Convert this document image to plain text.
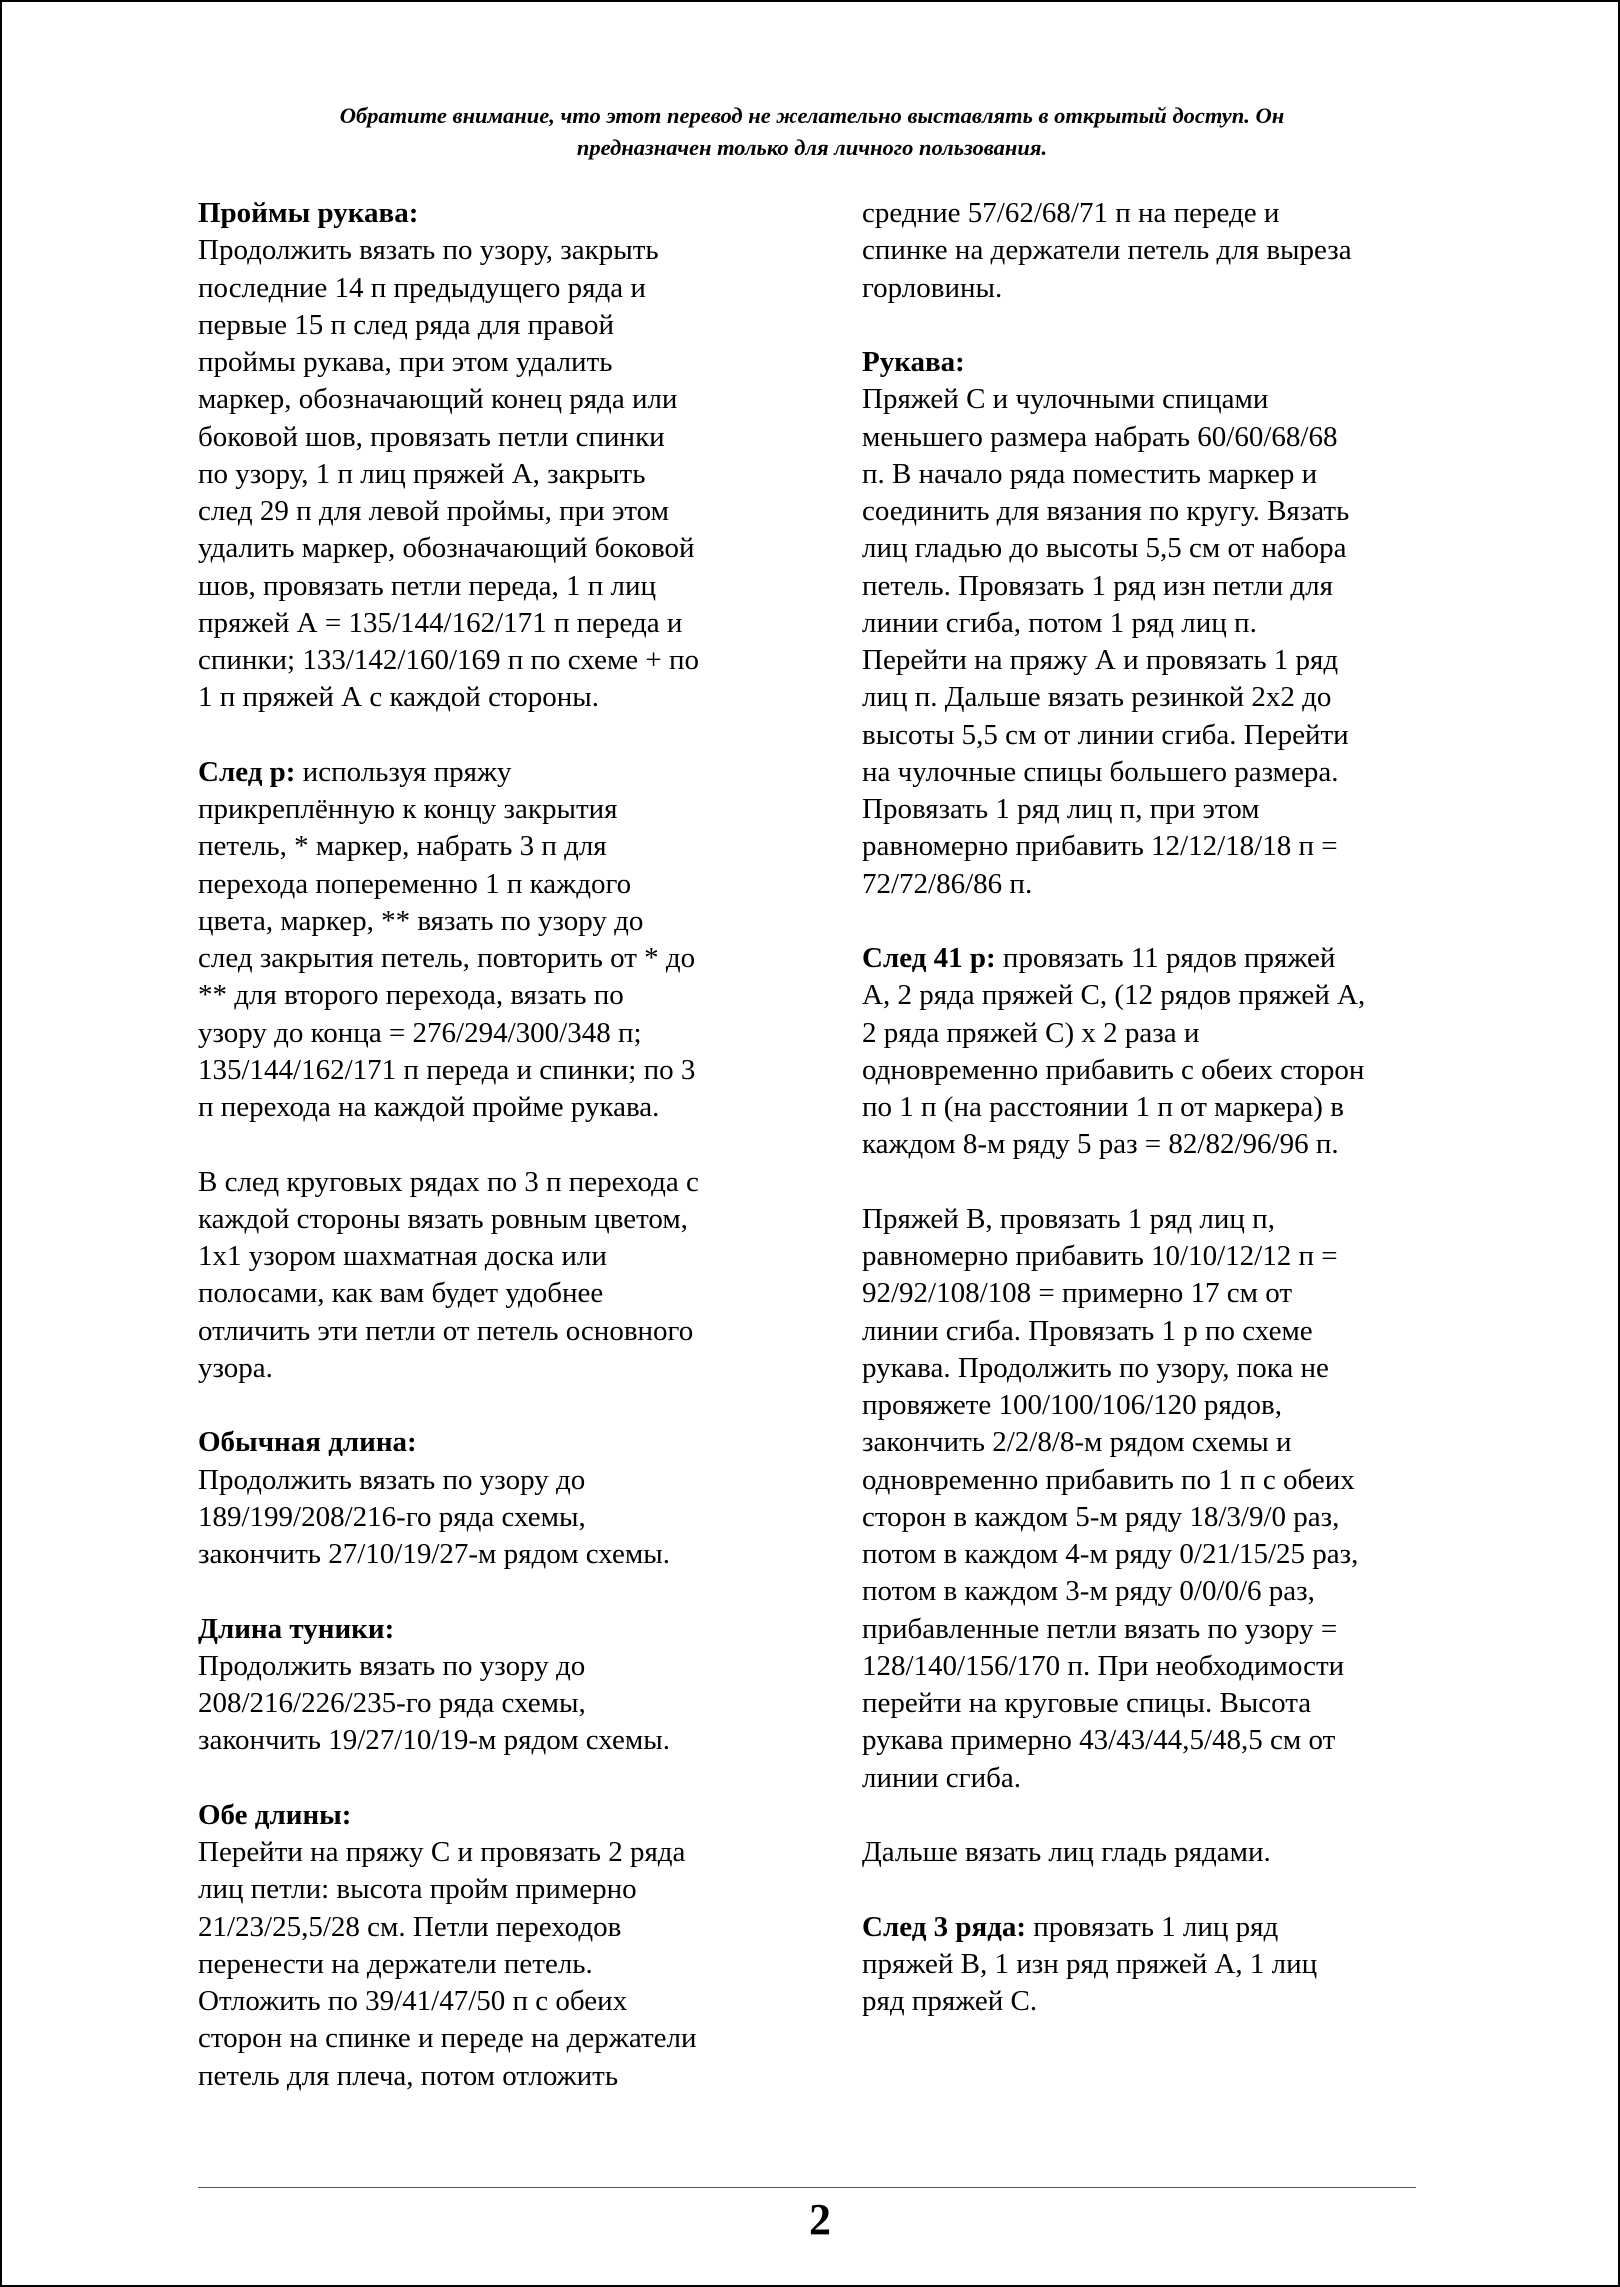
Обратите внимание, что этот перевод не желательно выставлять в открытый доступ. Он
предназначен только для личного пользования.
Проймы рукава:
Продолжить вязать по узору, закрыть
последние 14 п предыдущего ряда и
первые 15 п след ряда для правой
проймы рукава, при этом удалить
маркер, обозначающий конец ряда или
боковой шов, провязать петли спинки
по узору, 1 п лиц пряжей А, закрыть
след 29 п для левой проймы, при этом
удалить маркер, обозначающий боковой
шов, провязать петли переда, 1 п лиц
пряжей А = 135/144/162/171 п переда и
спинки; 133/142/160/169 п по схеме + по
1 п пряжей А с каждой стороны.
След р: используя пряжу
прикреплённую к концу закрытия
петель, * маркер, набрать 3 п для
перехода попеременно 1 п каждого
цвета, маркер, ** вязать по узору до
след закрытия петель, повторить от * до
** для второго перехода, вязать по
узору до конца = 276/294/300/348 п;
135/144/162/171 п переда и спинки; по 3
п перехода на каждой пройме рукава.
В след круговых рядах по 3 п перехода с
каждой стороны вязать ровным цветом,
1x1 узором шахматная доска или
полосами, как вам будет удобнее
отличить эти петли от петель основного
узора.
Обычная длина:
Продолжить вязать по узору до
189/199/208/216-го ряда схемы,
закончить 27/10/19/27-м рядом схемы.
Длина туники:
Продолжить вязать по узору до
208/216/226/235-го ряда схемы,
закончить 19/27/10/19-м рядом схемы.
Обе длины:
Перейти на пряжу С и провязать 2 ряда
лиц петли: высота пройм примерно
21/23/25,5/28 см. Петли переходов
перенести на держатели петель.
Отложить по 39/41/47/50 п с обеих
сторон на спинке и переде на держатели
петель для плеча, потом отложить
средние 57/62/68/71 п на переде и
спинке на держатели петель для выреза
горловины.
Рукава:
Пряжей С и чулочными спицами
меньшего размера набрать 60/60/68/68
п. В начало ряда поместить маркер и
соединить для вязания по кругу. Вязать
лиц гладью до высоты 5,5 см от набора
петель. Провязать 1 ряд изн петли для
линии сгиба, потом 1 ряд лиц п.
Перейти на пряжу А и провязать 1 ряд
лиц п. Дальше вязать резинкой 2х2 до
высоты 5,5 см от линии сгиба. Перейти
на чулочные спицы большего размера.
Провязать 1 ряд лиц п, при этом
равномерно прибавить 12/12/18/18 п =
72/72/86/86 п.
След 41 р: провязать 11 рядов пряжей
А, 2 ряда пряжей С, (12 рядов пряжей А,
2 ряда пряжей С) х 2 раза и
одновременно прибавить с обеих сторон
по 1 п (на расстоянии 1 п от маркера) в
каждом 8-м ряду 5 раз = 82/82/96/96 п.
Пряжей В, провязать 1 ряд лиц п,
равномерно прибавить 10/10/12/12 п =
92/92/108/108 = примерно 17 см от
линии сгиба. Провязать 1 р по схеме
рукава. Продолжить по узору, пока не
провяжете 100/100/106/120 рядов,
закончить 2/2/8/8-м рядом схемы и
одновременно прибавить по 1 п с обеих
сторон в каждом 5-м ряду 18/3/9/0 раз,
потом в каждом 4-м ряду 0/21/15/25 раз,
потом в каждом 3-м ряду 0/0/0/6 раз,
прибавленные петли вязать по узору =
128/140/156/170 п. При необходимости
перейти на круговые спицы. Высота
рукава примерно 43/43/44,5/48,5 см от
линии сгиба.
Дальше вязать лиц гладь рядами.
След 3 ряда: провязать 1 лиц ряд
пряжей В, 1 изн ряд пряжей А, 1 лиц
ряд пряжей С.
2
